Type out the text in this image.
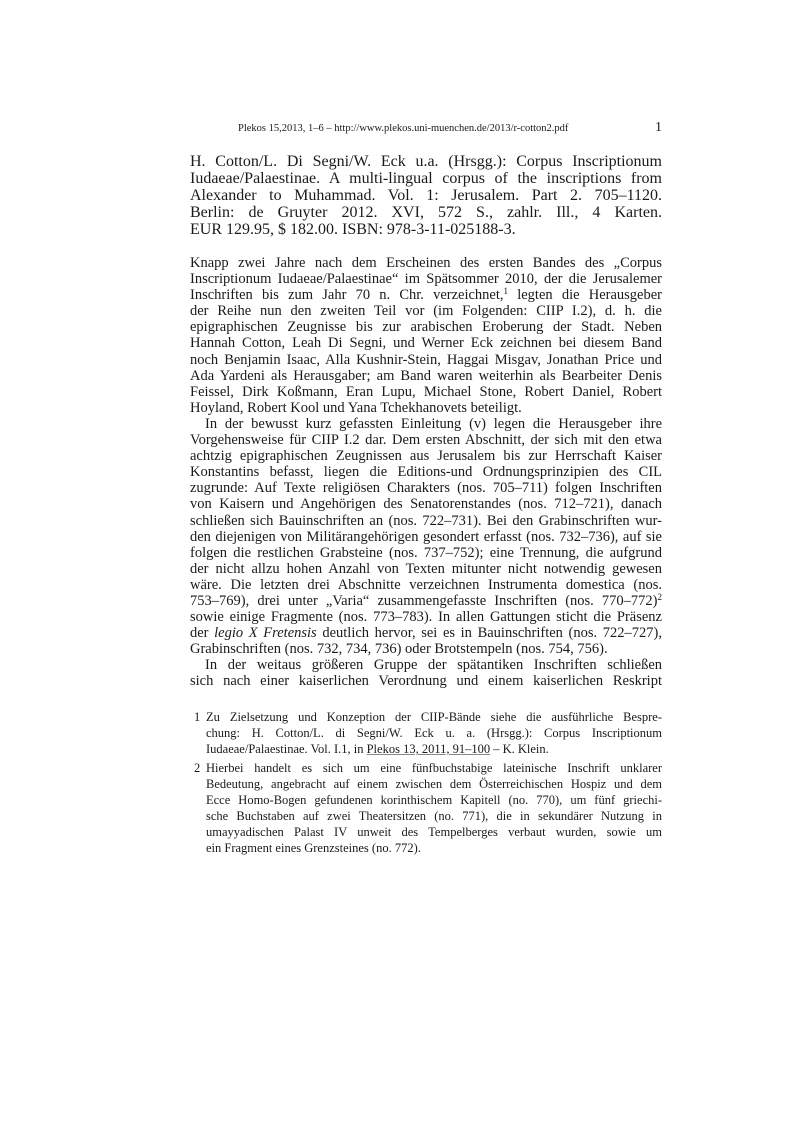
Plekos 15,2013, 1–6 – http://www.plekos.uni-muenchen.de/2013/r-cotton2.pdf	1
H. Cotton/L. Di Segni/W. Eck u.a. (Hrsgg.): Corpus Inscriptionum
Iudaeae/Palaestinae. A multi-lingual corpus of the inscriptions from
Alexander to Muhammad. Vol. 1: Jerusalem. Part 2. 705–1120.
Berlin: de Gruyter 2012. XVI, 572 S., zahlr. Ill., 4 Karten.
EUR 129.95, $ 182.00. ISBN: 978-3-11-025188-3.
Knapp zwei Jahre nach dem Erscheinen des ersten Bandes des „Corpus
Inscriptionum Iudaeae/Palaestinae“ im Spätsommer 2010, der die Jerusalemer
Inschriften bis zum Jahr 70 n. Chr. verzeichnet,$^1$ legten die Herausgeber
der Reihe nun den zweiten Teil vor (im Folgenden: CIIP I.2), d. h. die
epigraphischen Zeugnisse bis zur arabischen Eroberung der Stadt. Neben
Hannah Cotton, Leah Di Segni, und Werner Eck zeichnen bei diesem Band
noch Benjamin Isaac, Alla Kushnir-Stein, Haggai Misgav, Jonathan Price und
Ada Yardeni als Herausgaber; am Band waren weiterhin als Bearbeiter Denis
Feissel, Dirk Koßmann, Eran Lupu, Michael Stone, Robert Daniel, Robert
Hoyland, Robert Kool und Yana Tchekhanovets beteiligt.
In der bewusst kurz gefassten Einleitung (v) legen die Herausgeber ihre
Vorgehensweise für CIIP I.2 dar. Dem ersten Abschnitt, der sich mit den etwa
achtzig epigraphischen Zeugnissen aus Jerusalem bis zur Herrschaft Kaiser
Konstantins befasst, liegen die Editions-und Ordnungsprinzipien des CIL
zugrunde: Auf Texte religiösen Charakters (nos. 705–711) folgen Inschriften
von Kaisern und Angehörigen des Senatorenstandes (nos. 712–721), danach
schließen sich Bauinschriften an (nos. 722–731). Bei den Grabinschriften wur-
den diejenigen von Militärangehörigen gesondert erfasst (nos. 732–736), auf sie
folgen die restlichen Grabsteine (nos. 737–752); eine Trennung, die aufgrund
der nicht allzu hohen Anzahl von Texten mitunter nicht notwendig gewesen
wäre. Die letzten drei Abschnitte verzeichnen Instrumenta domestica (nos.
753–769), drei unter „Varia“ zusammengefasste Inschriften (nos. 770–772)$^2$
sowie einige Fragmente (nos. 773–783). In allen Gattungen sticht die Präsenz
der legio X Fretensis deutlich hervor, sei es in Bauinschriften (nos. 722–727),
Grabinschriften (nos. 732, 734, 736) oder Brotstempeln (nos. 754, 756).
In der weitaus größeren Gruppe der spätantiken Inschriften schließen
sich nach einer kaiserlichen Verordnung und einem kaiserlichen Reskript
1 Zu Zielsetzung und Konzeption der CIIP-Bände siehe die ausführliche Bespre-
chung: H. Cotton/L. di Segni/W. Eck u. a. (Hrsgg.): Corpus Inscriptionum
Iudaeae/Palaestinae. Vol. I.1, in Plekos 13, 2011, 91–100 – K. Klein.
2 Hierbei handelt es sich um eine fünfbuchstabige lateinische Inschrift unklarer
Bedeutung, angebracht auf einem zwischen dem Österreichischen Hospiz und dem
Ecce Homo-Bogen gefundenen korinthischem Kapitell (no. 770), um fünf griechi-
sche Buchstaben auf zwei Theatersitzen (no. 771), die in sekundärer Nutzung in
umayyadischen Palast IV unweit des Tempelberges verbaut wurden, sowie um
ein Fragment eines Grenzsteines (no. 772).
